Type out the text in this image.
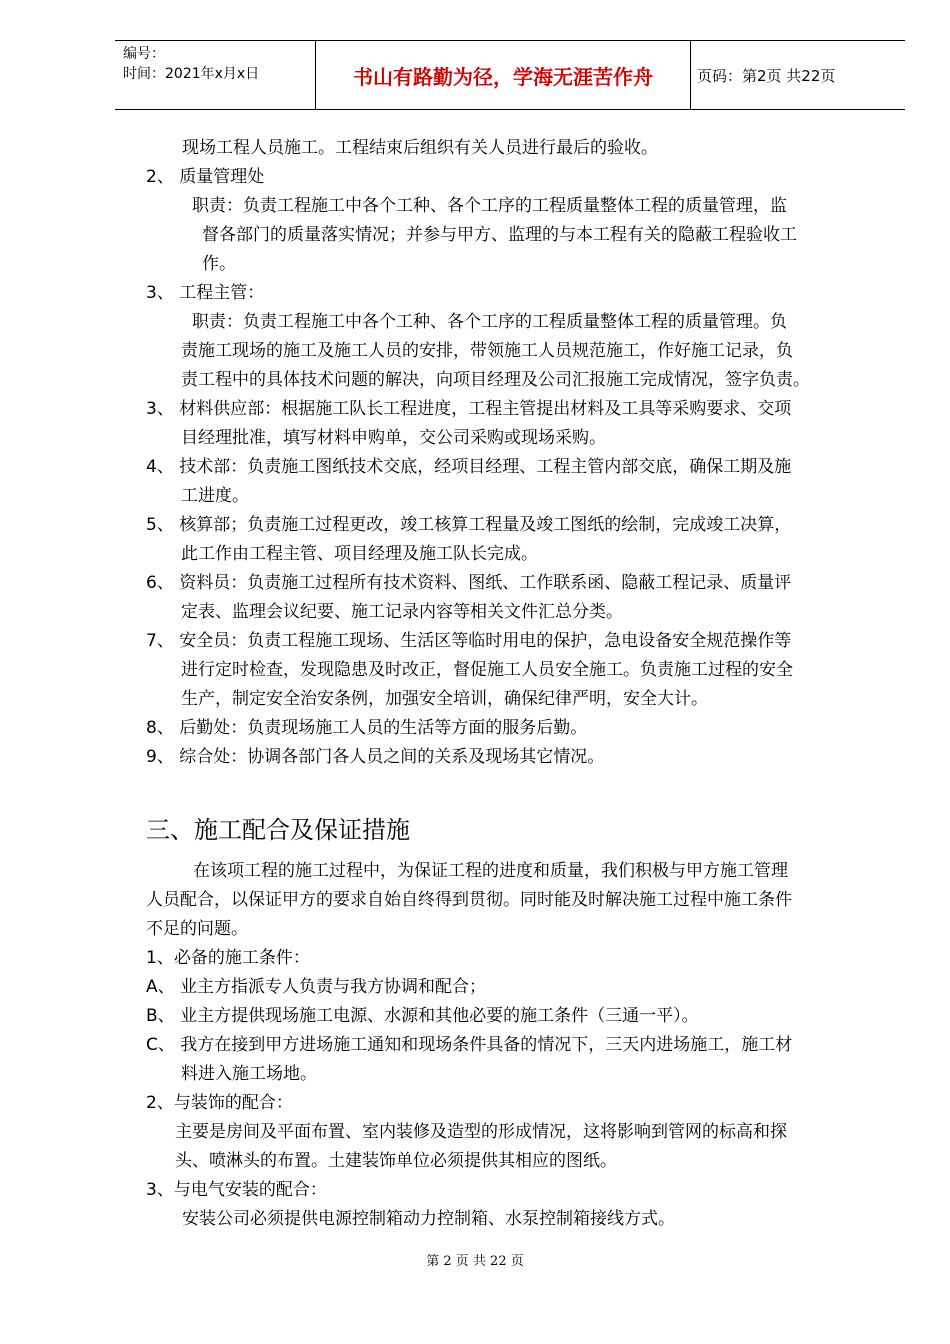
编号：
时间：2021年x月x日	书山有路勤为径，学海无涯苦作舟	页码：第2页 共22页
现场工程人员施工。工程结束后组织有关人员进行最后的验收。
2、 质量管理处
职责：负责工程施工中各个工种、各个工序的工程质量整体工程的质量管理，监
督各部门的质量落实情况；并参与甲方、监理的与本工程有关的隐蔽工程验收工
作。
3、 工程主管：
职责：负责工程施工中各个工种、各个工序的工程质量整体工程的质量管理。负
责施工现场的施工及施工人员的安排，带领施工人员规范施工，作好施工记录，负
责工程中的具体技术问题的解决，向项目经理及公司汇报施工完成情况，签字负责。
3、 材料供应部：根据施工队长工程进度，工程主管提出材料及工具等采购要求、交项
目经理批准，填写材料申购单，交公司采购或现场采购。
4、 技术部：负责施工图纸技术交底，经项目经理、工程主管内部交底，确保工期及施
工进度。
5、 核算部；负责施工过程更改，竣工核算工程量及竣工图纸的绘制，完成竣工决算，
此工作由工程主管、项目经理及施工队长完成。
6、 资料员：负责施工过程所有技术资料、图纸、工作联系函、隐蔽工程记录、质量评
定表、监理会议纪要、施工记录内容等相关文件汇总分类。
7、 安全员：负责工程施工现场、生活区等临时用电的保护，急电设备安全规范操作等
进行定时检查，发现隐患及时改正，督促施工人员安全施工。负责施工过程的安全
生产，制定安全治安条例，加强安全培训，确保纪律严明，安全大计。
8、 后勤处：负责现场施工人员的生活等方面的服务后勤。
9、 综合处：协调各部门各人员之间的关系及现场其它情况。
三、施工配合及保证措施
在该项工程的施工过程中，为保证工程的进度和质量，我们积极与甲方施工管理
人员配合，以保证甲方的要求自始自终得到贯彻。同时能及时解决施工过程中施工条件
不足的问题。
1、必备的施工条件：
A、 业主方指派专人负责与我方协调和配合；
B、 业主方提供现场施工电源、水源和其他必要的施工条件（三通一平）。
C、 我方在接到甲方进场施工通知和现场条件具备的情况下，三天内进场施工，施工材
料进入施工场地。
2、与装饰的配合：
主要是房间及平面布置、室内装修及造型的形成情况，这将影响到管网的标高和探
头、喷淋头的布置。土建装饰单位必须提供其相应的图纸。
3、与电气安装的配合：
安装公司必须提供电源控制箱动力控制箱、水泵控制箱接线方式。
第 2 页 共 22 页
